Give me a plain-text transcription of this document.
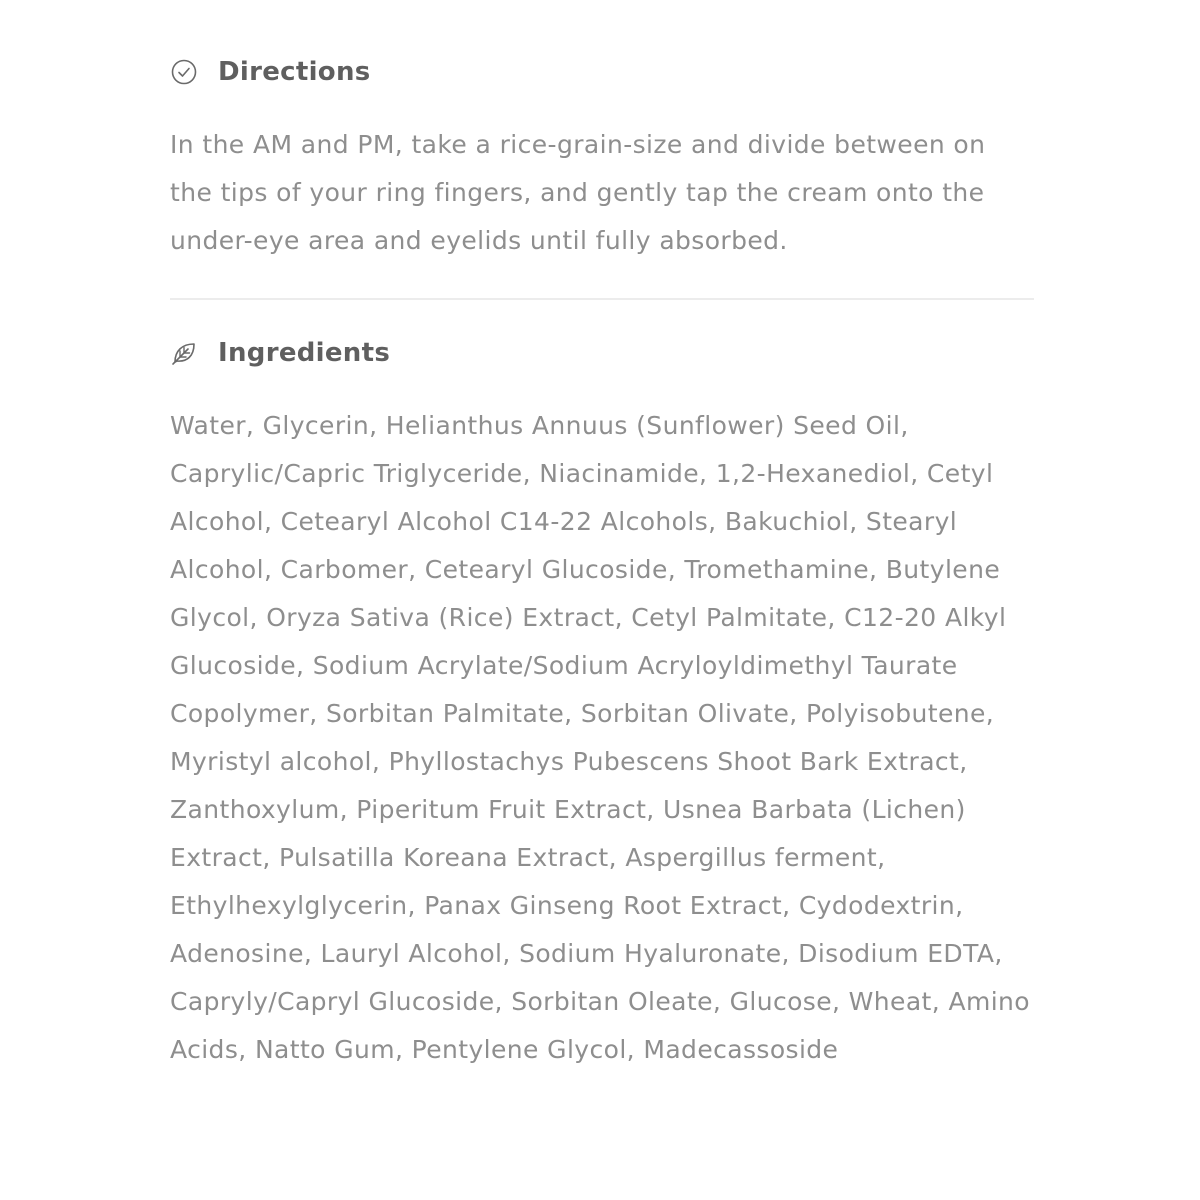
Directions

In the AM and PM, take a rice-grain-size and divide between on the tips of your ring fingers, and gently tap the cream onto the under-eye area and eyelids until fully absorbed.

Ingredients

Water, Glycerin, Helianthus Annuus (Sunflower) Seed Oil, Caprylic/Capric Triglyceride, Niacinamide, 1,2-Hexanediol, Cetyl Alcohol, Cetearyl Alcohol C14-22 Alcohols, Bakuchiol, Stearyl Alcohol, Carbomer, Cetearyl Glucoside, Tromethamine, Butylene Glycol, Oryza Sativa (Rice) Extract, Cetyl Palmitate, C12-20 Alkyl Glucoside, Sodium Acrylate/Sodium Acryloyldimethyl Taurate Copolymer, Sorbitan Palmitate, Sorbitan Olivate, Polyisobutene, Myristyl alcohol, Phyllostachys Pubescens Shoot Bark Extract, Zanthoxylum, Piperitum Fruit Extract, Usnea Barbata (Lichen) Extract, Pulsatilla Koreana Extract, Aspergillus ferment, Ethylhexylglycerin, Panax Ginseng Root Extract, Cydodextrin, Adenosine, Lauryl Alcohol, Sodium Hyaluronate, Disodium EDTA, Capryly/Capryl Glucoside, Sorbitan Oleate, Glucose, Wheat, Amino Acids, Natto Gum, Pentylene Glycol, Madecassoside
